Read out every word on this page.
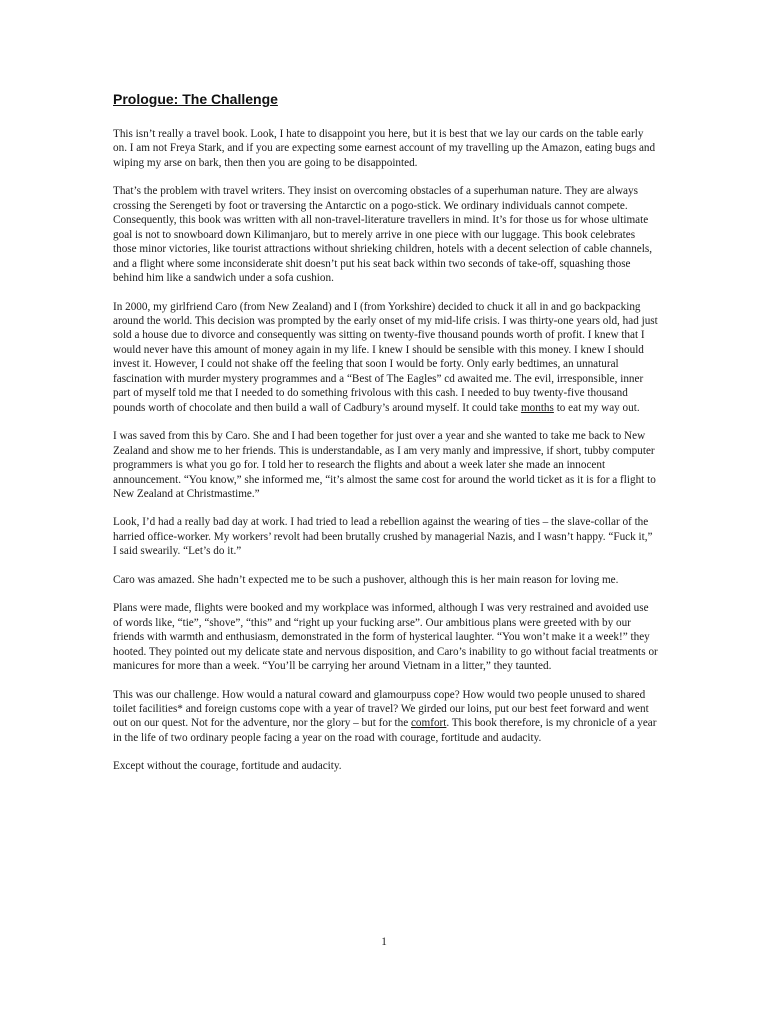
Prologue: The Challenge

This isn’t really a travel book. Look, I hate to disappoint you here, but it is best that we lay our cards on the table early on. I am not Freya Stark, and if you are expecting some earnest account of my travelling up the Amazon, eating bugs and wiping my arse on bark, then then you are going to be disappointed.

That’s the problem with travel writers. They insist on overcoming obstacles of a superhuman nature. They are always crossing the Serengeti by foot or traversing the Antarctic on a pogo-stick. We ordinary individuals cannot compete. Consequently, this book was written with all non-travel-literature travellers in mind. It’s for those us for whose ultimate goal is not to snowboard down Kilimanjaro, but to merely arrive in one piece with our luggage. This book celebrates those minor victories, like tourist attractions without shrieking children, hotels with a decent selection of cable channels, and a flight where some inconsiderate shit doesn’t put his seat back within two seconds of take-off, squashing those behind him like a sandwich under a sofa cushion.

In 2000, my girlfriend Caro (from New Zealand) and I (from Yorkshire) decided to chuck it all in and go backpacking around the world. This decision was prompted by the early onset of my mid-life crisis. I was thirty-one years old, had just sold a house due to divorce and consequently was sitting on twenty-five thousand pounds worth of profit. I knew that I would never have this amount of money again in my life. I knew I should be sensible with this money. I knew I should invest it. However, I could not shake off the feeling that soon I would be forty. Only early bedtimes, an unnatural fascination with murder mystery programmes and a “Best of The Eagles” cd awaited me. The evil, irresponsible, inner part of myself told me that I needed to do something frivolous with this cash. I needed to buy twenty-five thousand pounds worth of chocolate and then build a wall of Cadbury’s around myself. It could take months to eat my way out.

I was saved from this by Caro. She and I had been together for just over a year and she wanted to take me back to New Zealand and show me to her friends. This is understandable, as I am very manly and impressive, if short, tubby computer programmers is what you go for. I told her to research the flights and about a week later she made an innocent announcement. “You know,” she informed me, “it’s almost the same cost for around the world ticket as it is for a flight to New Zealand at Christmastime.”

Look, I’d had a really bad day at work. I had tried to lead a rebellion against the wearing of ties – the slave-collar of the harried office-worker. My workers’ revolt had been brutally crushed by managerial Nazis, and I wasn’t happy. “Fuck it,” I said swearily. “Let’s do it.”

Caro was amazed. She hadn’t expected me to be such a pushover, although this is her main reason for loving me.

Plans were made, flights were booked and my workplace was informed, although I was very restrained and avoided use of words like, “tie”, “shove”, “this” and “right up your fucking arse”. Our ambitious plans were greeted with by our friends with warmth and enthusiasm, demonstrated in the form of hysterical laughter. “You won’t make it a week!” they hooted. They pointed out my delicate state and nervous disposition, and Caro’s inability to go without facial treatments or manicures for more than a week. “You’ll be carrying her around Vietnam in a litter,” they taunted.

This was our challenge. How would a natural coward and glamourpuss cope? How would two people unused to shared toilet facilities* and foreign customs cope with a year of travel? We girded our loins, put our best feet forward and went out on our quest. Not for the adventure, nor the glory – but for the comfort. This book therefore, is my chronicle of a year in the life of two ordinary people facing a year on the road with courage, fortitude and audacity.

Except without the courage, fortitude and audacity.

1
